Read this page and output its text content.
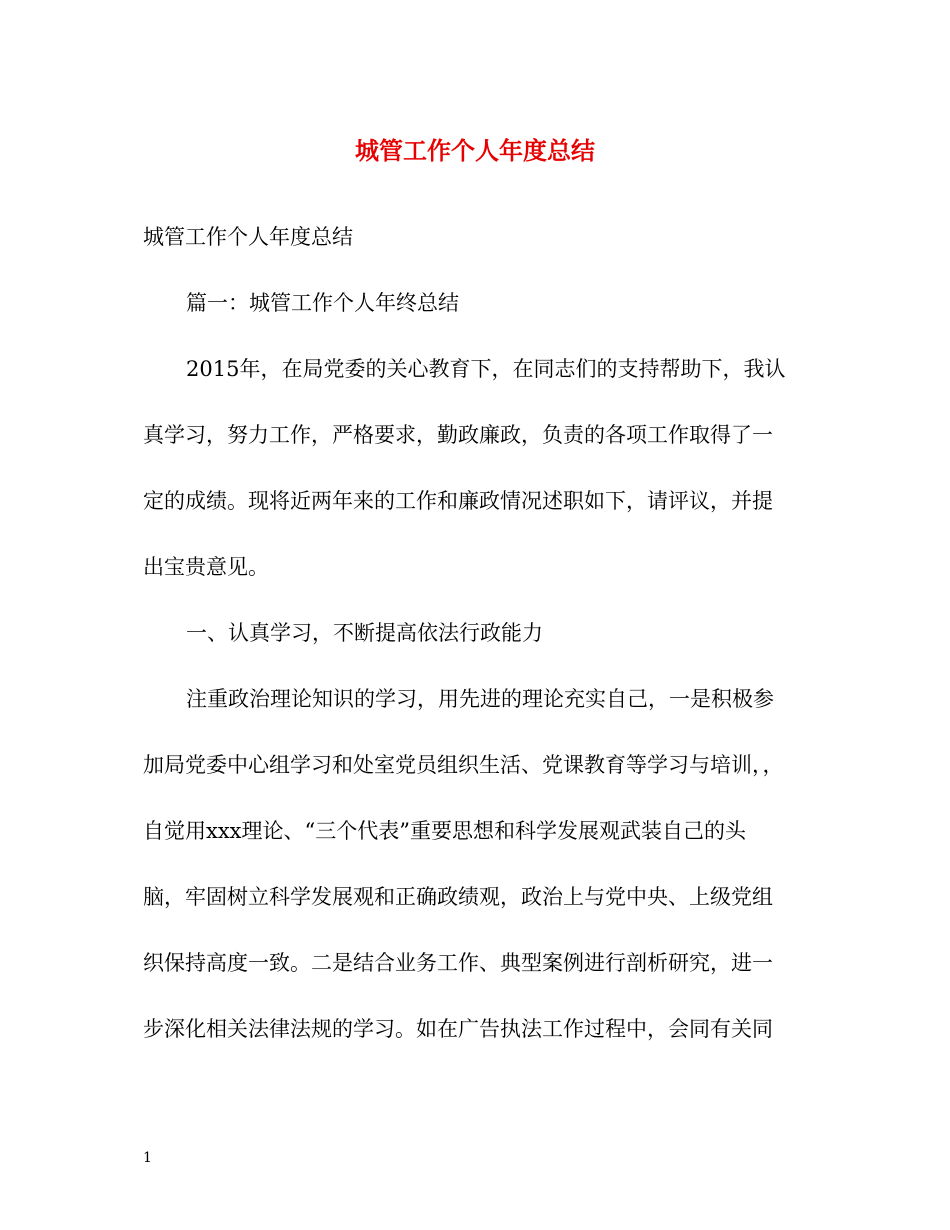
城管工作个人年度总结

城管工作个人年度总结

篇一：城管工作个人年终总结

2015年，在局党委的关心教育下，在同志们的支持帮助下，我认

真学习，努力工作，严格要求，勤政廉政，负责的各项工作取得了一

定的成绩。现将近两年来的工作和廉政情况述职如下，请评议，并提

出宝贵意见。

一、认真学习，不断提高依法行政能力

注重政治理论知识的学习，用先进的理论充实自己，一是积极参

加局党委中心组学习和处室党员组织生活、党课教育等学习与培训，，

自觉用xxx理论、“三个代表”重要思想和科学发展观武装自己的头

脑，牢固树立科学发展观和正确政绩观，政治上与党中央、上级党组

织保持高度一致。二是结合业务工作、典型案例进行剖析研究，进一

步深化相关法律法规的学习。如在广告执法工作过程中，会同有关同

1
